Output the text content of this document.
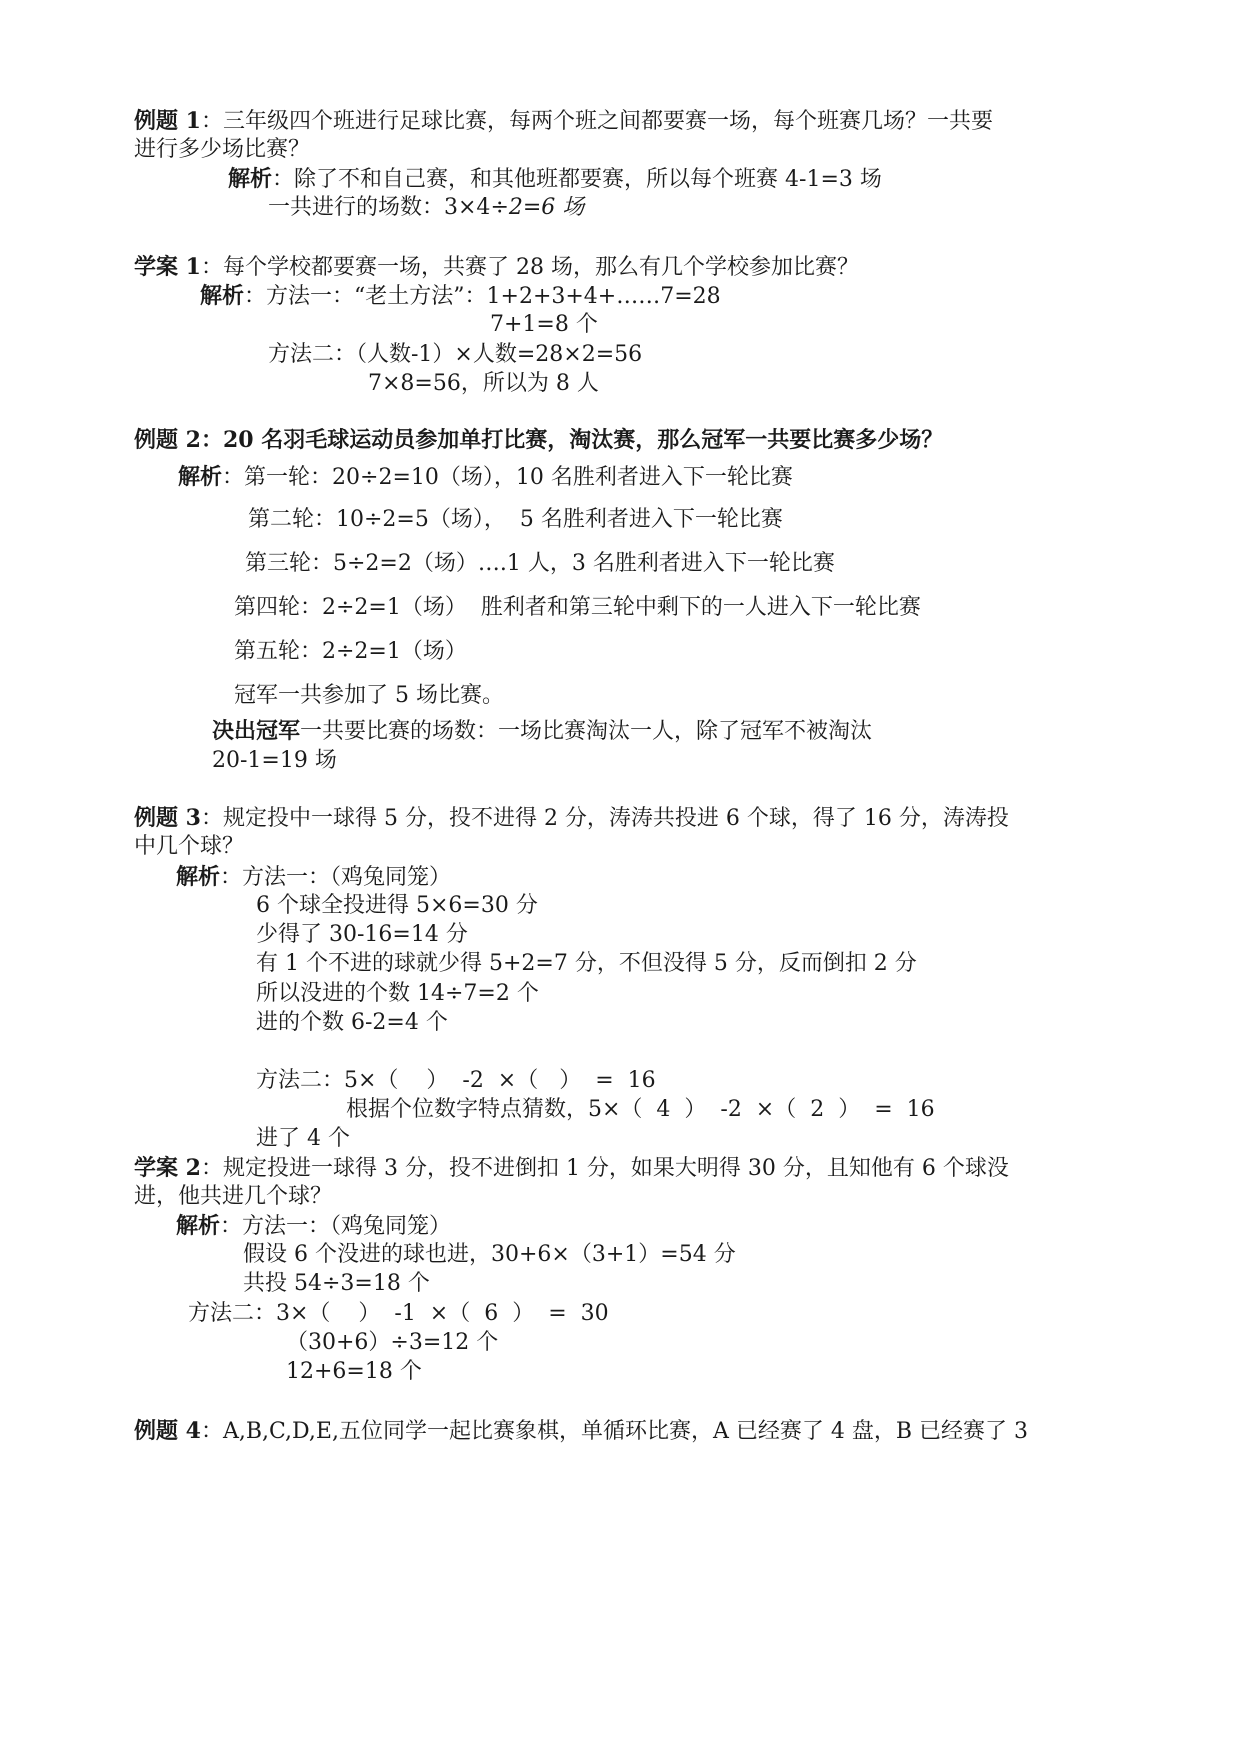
例题 1：三年级四个班进行足球比赛，每两个班之间都要赛一场，每个班赛几场？一共要
进行多少场比赛？
解析：除了不和自己赛，和其他班都要赛，所以每个班赛 4-1=3 场
一共进行的场数：3×4÷2=6 场
学案 1：每个学校都要赛一场，共赛了 28 场，那么有几个学校参加比赛？
解析：方法一：“老土方法”：1+2+3+4+……7=28
7+1=8 个
方法二：（人数-1）×人数=28×2=56
7×8=56，所以为 8 人
例题 2：20 名羽毛球运动员参加单打比赛，淘汰赛，那么冠军一共要比赛多少场？
解析：第一轮：20÷2=10（场），10 名胜利者进入下一轮比赛
第二轮：10÷2=5（场），  5 名胜利者进入下一轮比赛
第三轮：5÷2=2（场）….1 人，3 名胜利者进入下一轮比赛
第四轮：2÷2=1（场）  胜利者和第三轮中剩下的一人进入下一轮比赛
第五轮：2÷2=1（场）
冠军一共参加了 5 场比赛。
决出冠军一共要比赛的场数：一场比赛淘汰一人，除了冠军不被淘汰
20-1=19 场
例题 3：规定投中一球得 5 分，投不进得 2 分，涛涛共投进 6 个球，得了 16 分，涛涛投
中几个球？
解析：方法一：（鸡兔同笼）
6 个球全投进得 5×6=30 分
少得了 30-16=14 分
有 1 个不进的球就少得 5+2=7 分，不但没得 5 分，反而倒扣 2 分
所以没进的个数 14÷7=2 个
进的个数 6-2=4 个
方法二：5×（    ）  -2  ×（   ）  =  16
根据个位数字特点猜数，5×（  4  ）  -2  ×（  2  ）  =  16
进了 4 个
学案 2：规定投进一球得 3 分，投不进倒扣 1 分，如果大明得 30 分，且知他有 6 个球没
进，他共进几个球？
解析：方法一：（鸡兔同笼）
假设 6 个没进的球也进，30+6×（3+1）=54 分
共投 54÷3=18 个
方法二：3×（    ）  -1  ×（  6  ）  =  30
（30+6）÷3=12 个
12+6=18 个
例题 4：A,B,C,D,E,五位同学一起比赛象棋，单循环比赛，A 已经赛了 4 盘，B 已经赛了 3
